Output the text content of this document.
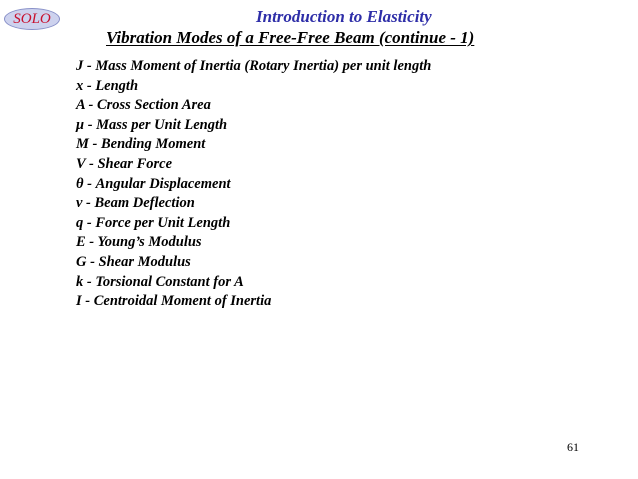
SOLO	Introduction to Elasticity
Vibration Modes of a Free-Free Beam (continue - 1)
J - Mass Moment of Inertia (Rotary Inertia) per unit length
x - Length
A - Cross Section Area
μ - Mass per Unit Length
M - Bending Moment
V - Shear Force
θ - Angular Displacement
v - Beam Deflection
q - Force per Unit Length
E - Young’s Modulus
G - Shear Modulus
k - Torsional Constant for A
I - Centroidal Moment of Inertia
61
